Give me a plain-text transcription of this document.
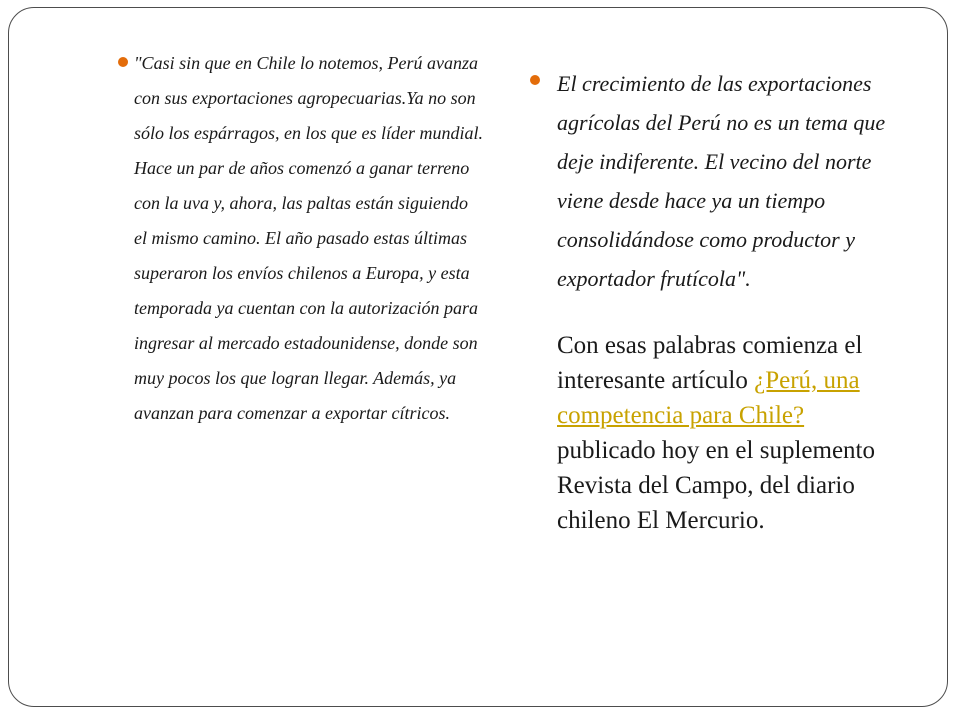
"Casi sin que en Chile lo notemos, Perú avanza con sus exportaciones agropecuarias.Ya no son sólo los espárragos, en los que es líder mundial. Hace un par de años comenzó a ganar terreno con la uva y, ahora, las paltas están siguiendo el mismo camino. El año pasado estas últimas superaron los envíos chilenos a Europa, y esta temporada ya cuentan con la autorización para ingresar al mercado estadounidense, donde son muy pocos los que logran llegar. Además, ya avanzan para comenzar a exportar cítricos.

El crecimiento de las exportaciones agrícolas del Perú no es un tema que deje indiferente. El vecino del norte viene desde hace ya un tiempo consolidándose como productor y exportador frutícola".

Con esas palabras comienza el interesante artículo ¿Perú, una competencia para Chile? publicado hoy en el suplemento Revista del Campo, del diario chileno El Mercurio.
